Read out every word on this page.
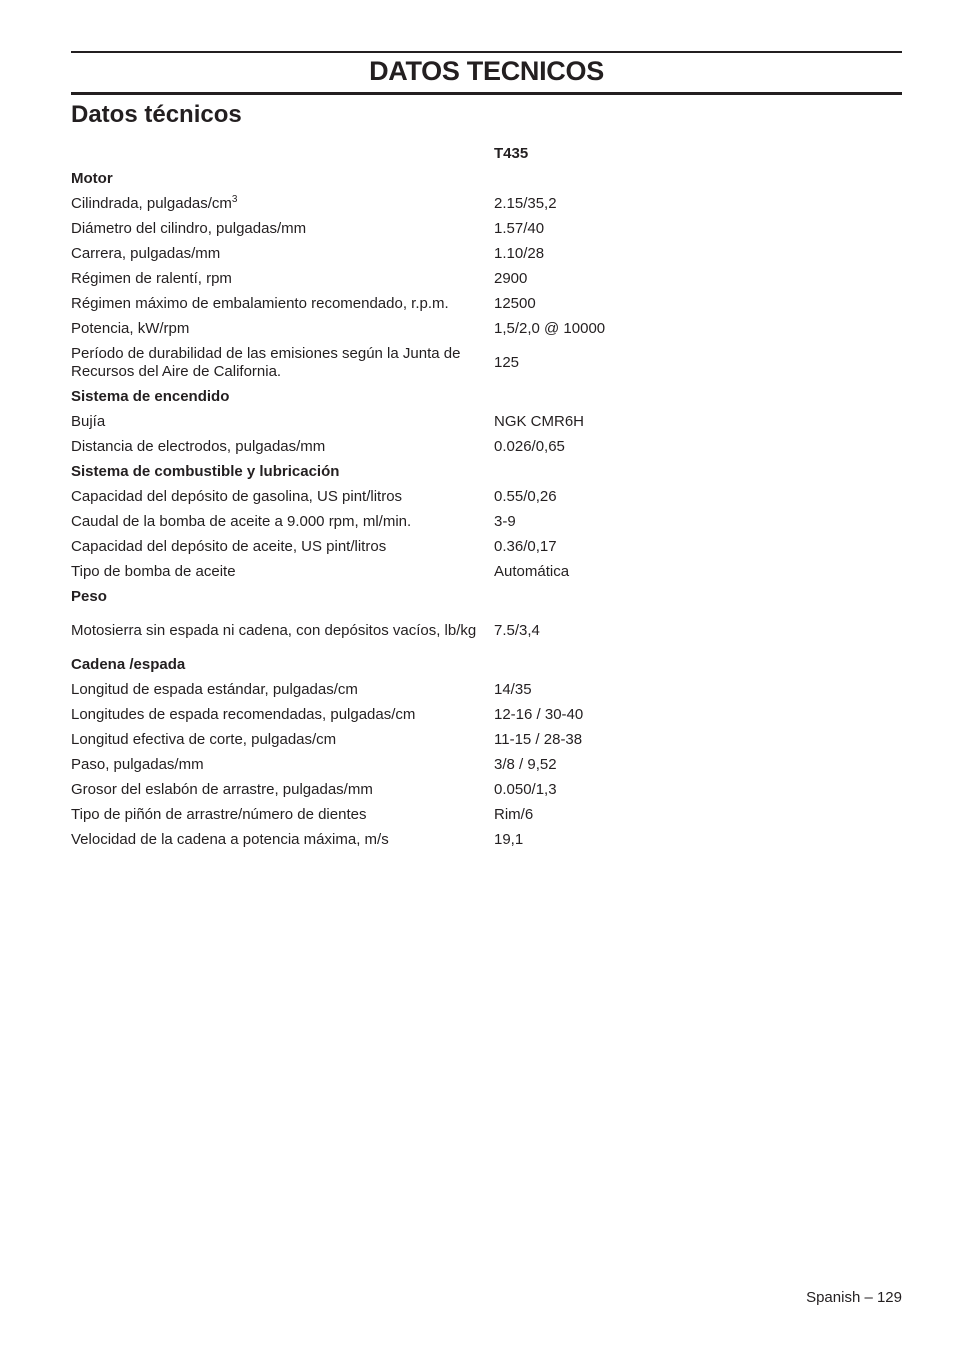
DATOS TECNICOS
Datos técnicos
	T435
Motor	
Cilindrada, pulgadas/$cm^3$	2.15/35,2
Diámetro del cilindro, pulgadas/mm	1.57/40
Carrera, pulgadas/mm	1.10/28
Régimen de ralentí, rpm	2900
Régimen máximo de embalamiento recomendado, r.p.m.	12500
Potencia, kW/rpm	1,5/2,0 @ 10000
Período de durabilidad de las emisiones según la Junta de Recursos del Aire de California.	125
Sistema de encendido	
Bujía	NGK CMR6H
Distancia de electrodos, pulgadas/mm	0.026/0,65
Sistema de combustible y lubricación	
Capacidad del depósito de gasolina, US pint/litros	0.55/0,26
Caudal de la bomba de aceite a 9.000 rpm, ml/min.	3-9
Capacidad del depósito de aceite, US pint/litros	0.36/0,17
Tipo de bomba de aceite	Automática
Peso	
Motosierra sin espada ni cadena, con depósitos vacíos, lb/kg	7.5/3,4
Cadena /espada	
Longitud de espada estándar, pulgadas/cm	14/35
Longitudes de espada recomendadas, pulgadas/cm	12-16 / 30-40
Longitud efectiva de corte, pulgadas/cm	11-15 / 28-38
Paso, pulgadas/mm	3/8 / 9,52
Grosor del eslabón de arrastre, pulgadas/mm	0.050/1,3
Tipo de piñón de arrastre/número de dientes	Rim/6
Velocidad de la cadena a potencia máxima, m/s	19,1
Spanish – 129
